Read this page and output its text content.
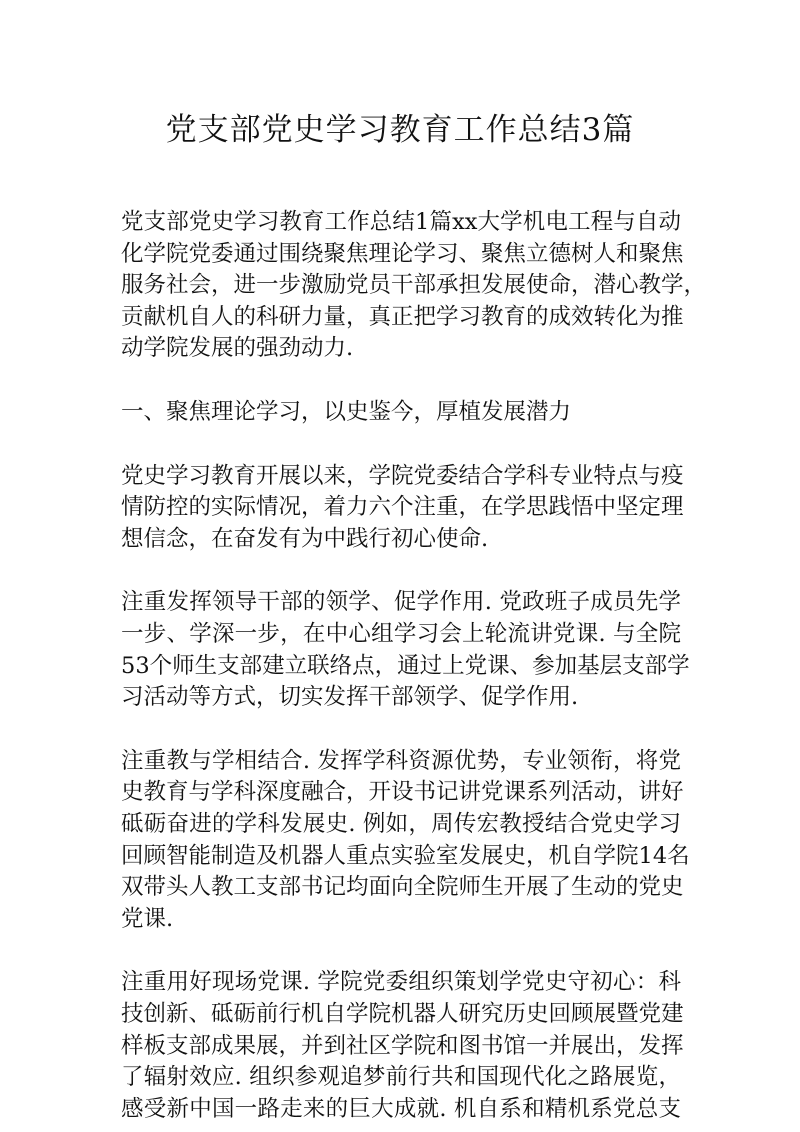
党支部党史学习教育工作总结3篇
党支部党史学习教育工作总结1篇xx大学机电工程与自动
化学院党委通过围绕聚焦理论学习、聚焦立德树人和聚焦
服务社会，进一步激励党员干部承担发展使命，潜心教学，
贡献机自人的科研力量，真正把学习教育的成效转化为推
动学院发展的强劲动力.
一、聚焦理论学习，以史鉴今，厚植发展潜力
党史学习教育开展以来，学院党委结合学科专业特点与疫
情防控的实际情况，着力六个注重，在学思践悟中坚定理
想信念，在奋发有为中践行初心使命.
注重发挥领导干部的领学、促学作用. 党政班子成员先学
一步、学深一步，在中心组学习会上轮流讲党课. 与全院
53个师生支部建立联络点，通过上党课、参加基层支部学
习活动等方式，切实发挥干部领学、促学作用.
注重教与学相结合. 发挥学科资源优势，专业领衔，将党
史教育与学科深度融合，开设书记讲党课系列活动，讲好
砥砺奋进的学科发展史. 例如，周传宏教授结合党史学习
回顾智能制造及机器人重点实验室发展史，机自学院14名
双带头人教工支部书记均面向全院师生开展了生动的党史
党课.
注重用好现场党课. 学院党委组织策划学党史守初心：科
技创新、砥砺前行机自学院机器人研究历史回顾展暨党建
样板支部成果展，并到社区学院和图书馆一并展出，发挥
了辐射效应. 组织参观追梦前行共和国现代化之路展览，
感受新中国一路走来的巨大成就. 机自系和精机系党总支
